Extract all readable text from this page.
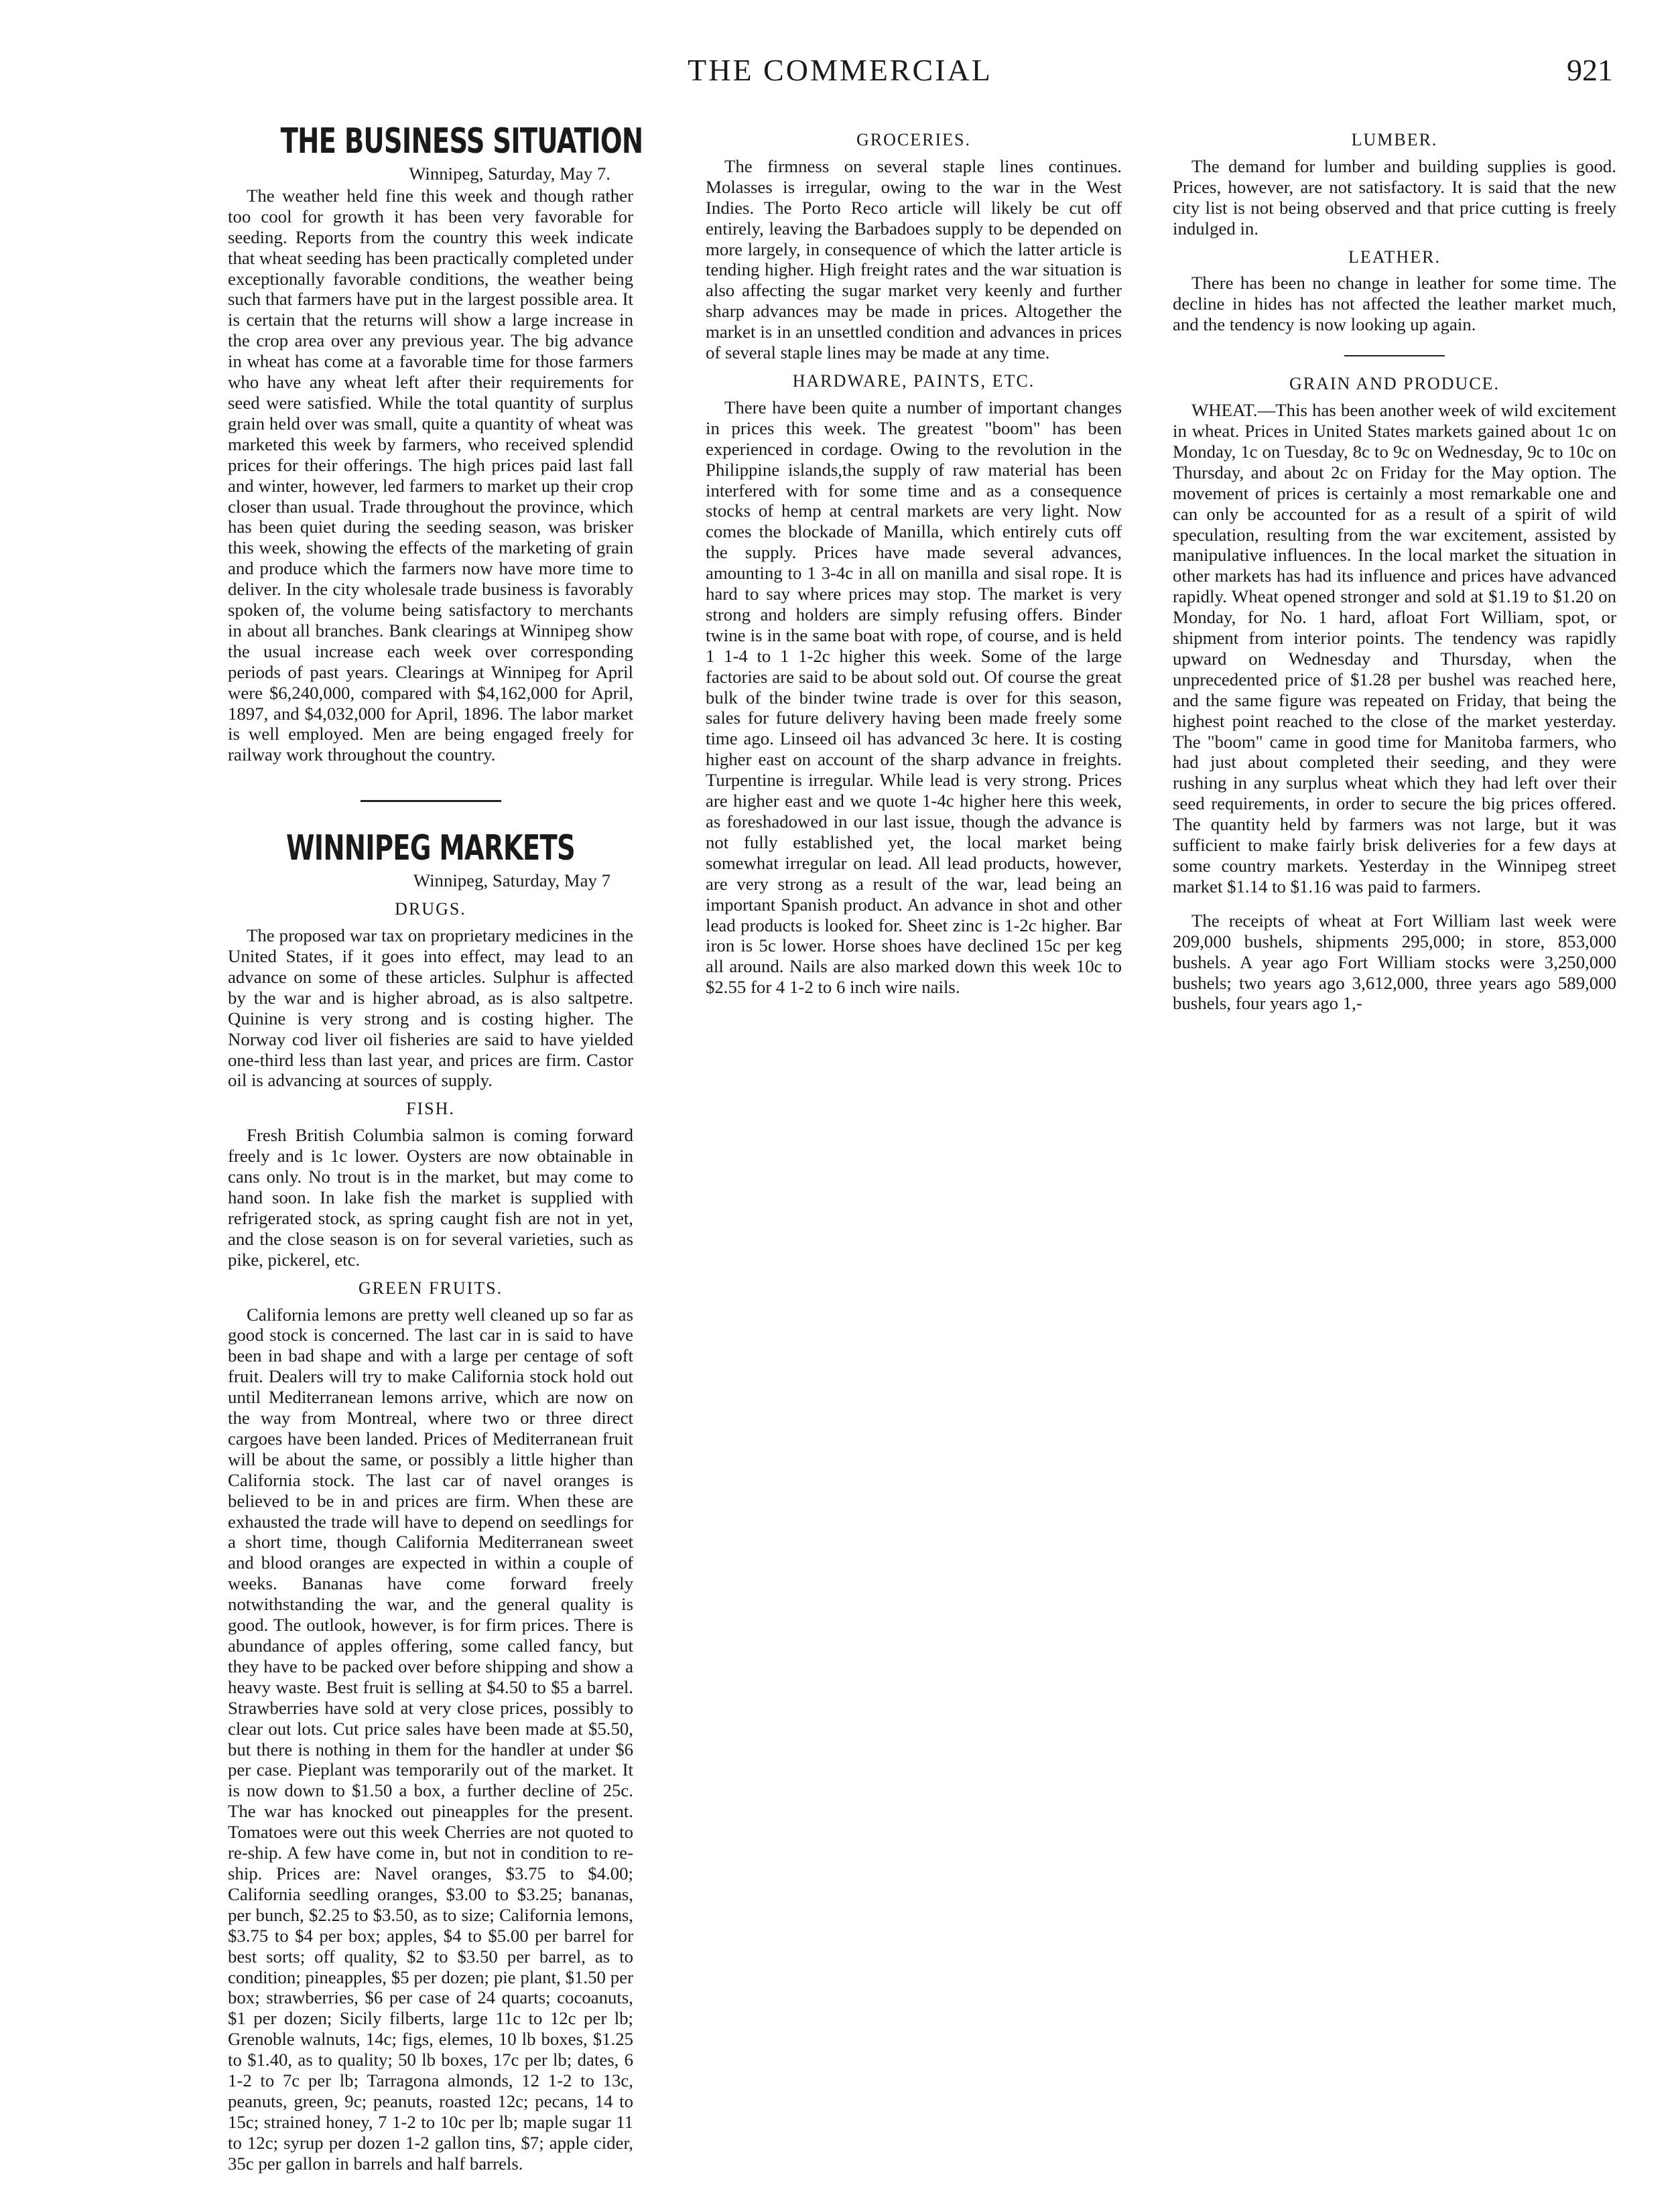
THE COMMERCIAL	921
THE BUSINESS SITUATION
Winnipeg, Saturday, May 7.

The weather held fine this week and though rather too cool for growth it has been very favorable for seeding. Reports from the country this week indicate that wheat seeding has been practically completed under exceptionally favorable conditions, the weather being such that farmers have put in the largest possible area. It is certain that the returns will show a large increase in the crop area over any previous year. The big advance in wheat has come at a favorable time for those farmers who have any wheat left after their requirements for seed were satisfied. While the total quantity of surplus grain held over was small, quite a quantity of wheat was marketed this week by farmers, who received splendid prices for their offerings. The high prices paid last fall and winter, however, led farmers to market up their crop closer than usual. Trade throughout the province, which has been quiet during the seeding season, was brisker this week, showing the effects of the marketing of grain and produce which the farmers now have more time to deliver. In the city wholesale trade business is favorably spoken of, the volume being satisfactory to merchants in about all branches. Bank clearings at Winnipeg show the usual increase each week over corresponding periods of past years. Clearings at Winnipeg for April were $6,240,000, compared with $4,162,000 for April, 1897, and $4,032,000 for April, 1896. The labor market is well employed. Men are being engaged freely for railway work throughout the country.

WINNIPEG MARKETS
Winnipeg, Saturday, May 7
DRUGS.

The proposed war tax on proprietary medicines in the United States, if it goes into effect, may lead to an advance on some of these articles. Sulphur is affected by the war and is higher abroad, as is also saltpetre. Quinine is very strong and is costing higher. The Norway cod liver oil fisheries are said to have yielded one-third less than last year, and prices are firm. Castor oil is advancing at sources of supply.

FISH.

Fresh British Columbia salmon is coming forward freely and is 1c lower. Oysters are now obtainable in cans only. No trout is in the market, but may come to hand soon. In lake fish the market is supplied with refrigerated stock, as spring caught fish are not in yet, and the close season is on for several varieties, such as pike, pickerel, etc.

GREEN FRUITS.

California lemons are pretty well cleaned up so far as good stock is concerned. The last car in is said to have been in bad shape and with a large per centage of soft fruit. Dealers will try to make California stock hold out until Mediterranean lemons arrive, which are now on the way from Montreal, where two or three direct cargoes have been landed. Prices of Mediterranean fruit will be about the same, or possibly a little higher than California stock. The last car of navel oranges is believed to be in and prices are firm. When these are exhausted the trade will have to depend on seedlings for a short time, though California Mediterranean sweet and blood oranges are expected in within a couple of weeks. Bananas have come forward freely notwithstanding the war, and the general quality is good. The outlook, however, is for firm prices. There is abundance of apples offering, some called fancy, but they have to be packed over before shipping and show a heavy waste. Best fruit is selling at $4.50 to $5 a barrel. Strawberries have sold at very close prices, possibly to clear out lots. Cut price sales have been made at $5.50, but there is nothing in them for the handler at under $6 per case. Pieplant was temporarily out of the market. It is now down to $1.50 a box, a further decline of 25c. The war has knocked out pineapples for the present. Tomatoes were out this week Cherries are not quoted to re-ship. A few have come in, but not in condition to re-ship. Prices are: Navel oranges, $3.75 to $4.00; California seedling oranges, $3.00 to $3.25; bananas, per bunch, $2.25 to $3.50, as to size; California lemons, $3.75 to $4 per box; apples, $4 to $5.00 per barrel for best sorts; off quality, $2 to $3.50 per barrel, as to condition; pineapples, $5 per dozen; pie plant, $1.50 per box; strawberries, $6 per case of 24 quarts; cocoanuts, $1 per dozen; Sicily filberts, large 11c to 12c per lb; Grenoble walnuts, 14c; figs, elemes, 10 lb boxes, $1.25 to $1.40, as to quality; 50 lb boxes, 17c per lb; dates, 6 1-2 to 7c per lb; Tarragona almonds, 12 1-2 to 13c, peanuts, green, 9c; peanuts, roasted 12c; pecans, 14 to 15c; strained honey, 7 1-2 to 10c per lb; maple sugar 11 to 12c; syrup per dozen 1-2 gallon tins, $7; apple cider, 35c per gallon in barrels and half barrels.

GROCERIES.

The firmness on several staple lines continues. Molasses is irregular, owing to the war in the West Indies. The Porto Reco article will likely be cut off entirely, leaving the Barbadoes supply to be depended on more largely, in consequence of which the latter article is tending higher. High freight rates and the war situation is also affecting the sugar market very keenly and further sharp advances may be made in prices. Altogether the market is in an unsettled condition and advances in prices of several staple lines may be made at any time.

HARDWARE, PAINTS, ETC.

There have been quite a number of important changes in prices this week. The greatest "boom" has been experienced in cordage. Owing to the revolution in the Philippine islands,the supply of raw material has been interfered with for some time and as a consequence stocks of hemp at central markets are very light. Now comes the blockade of Manilla, which entirely cuts off the supply. Prices have made several advances, amounting to 1 3-4c in all on manilla and sisal rope. It is hard to say where prices may stop. The market is very strong and holders are simply refusing offers. Binder twine is in the same boat with rope, of course, and is held 1 1-4 to 1 1-2c higher this week. Some of the large factories are said to be about sold out. Of course the great bulk of the binder twine trade is over for this season, sales for future delivery having been made freely some time ago. Linseed oil has advanced 3c here. It is costing higher east on account of the sharp advance in freights. Turpentine is irregular. While lead is very strong. Prices are higher east and we quote 1-4c higher here this week, as foreshadowed in our last issue, though the advance is not fully established yet, the local market being somewhat irregular on lead. All lead products, however, are very strong as a result of the war, lead being an important Spanish product. An advance in shot and other lead products is looked for. Sheet zinc is 1-2c higher. Bar iron is 5c lower. Horse shoes have declined 15c per keg all around. Nails are also marked down this week 10c to $2.55 for 4 1-2 to 6 inch wire nails.

LUMBER.

The demand for lumber and building supplies is good. Prices, however, are not satisfactory. It is said that the new city list is not being observed and that price cutting is freely indulged in.

LEATHER.

There has been no change in leather for some time. The decline in hides has not affected the leather market much, and the tendency is now looking up again.

GRAIN AND PRODUCE.

WHEAT.—This has been another week of wild excitement in wheat. Prices in United States markets gained about 1c on Monday, 1c on Tuesday, 8c to 9c on Wednesday, 9c to 10c on Thursday, and about 2c on Friday for the May option. The movement of prices is certainly a most remarkable one and can only be accounted for as a result of a spirit of wild speculation, resulting from the war excitement, assisted by manipulative influences. In the local market the situation in other markets has had its influence and prices have advanced rapidly. Wheat opened stronger and sold at $1.19 to $1.20 on Monday, for No. 1 hard, afloat Fort William, spot, or shipment from interior points. The tendency was rapidly upward on Wednesday and Thursday, when the unprecedented price of $1.28 per bushel was reached here, and the same figure was repeated on Friday, that being the highest point reached to the close of the market yesterday. The "boom" came in good time for Manitoba farmers, who had just about completed their seeding, and they were rushing in any surplus wheat which they had left over their seed requirements, in order to secure the big prices offered. The quantity held by farmers was not large, but it was sufficient to make fairly brisk deliveries for a few days at some country markets. Yesterday in the Winnipeg street market $1.14 to $1.16 was paid to farmers.

The receipts of wheat at Fort William last week were 209,000 bushels, shipments 295,000; in store, 853,000 bushels. A year ago Fort William stocks were 3,250,000 bushels; two years ago 3,612,000, three years ago 589,000 bushels, four years ago 1,-
